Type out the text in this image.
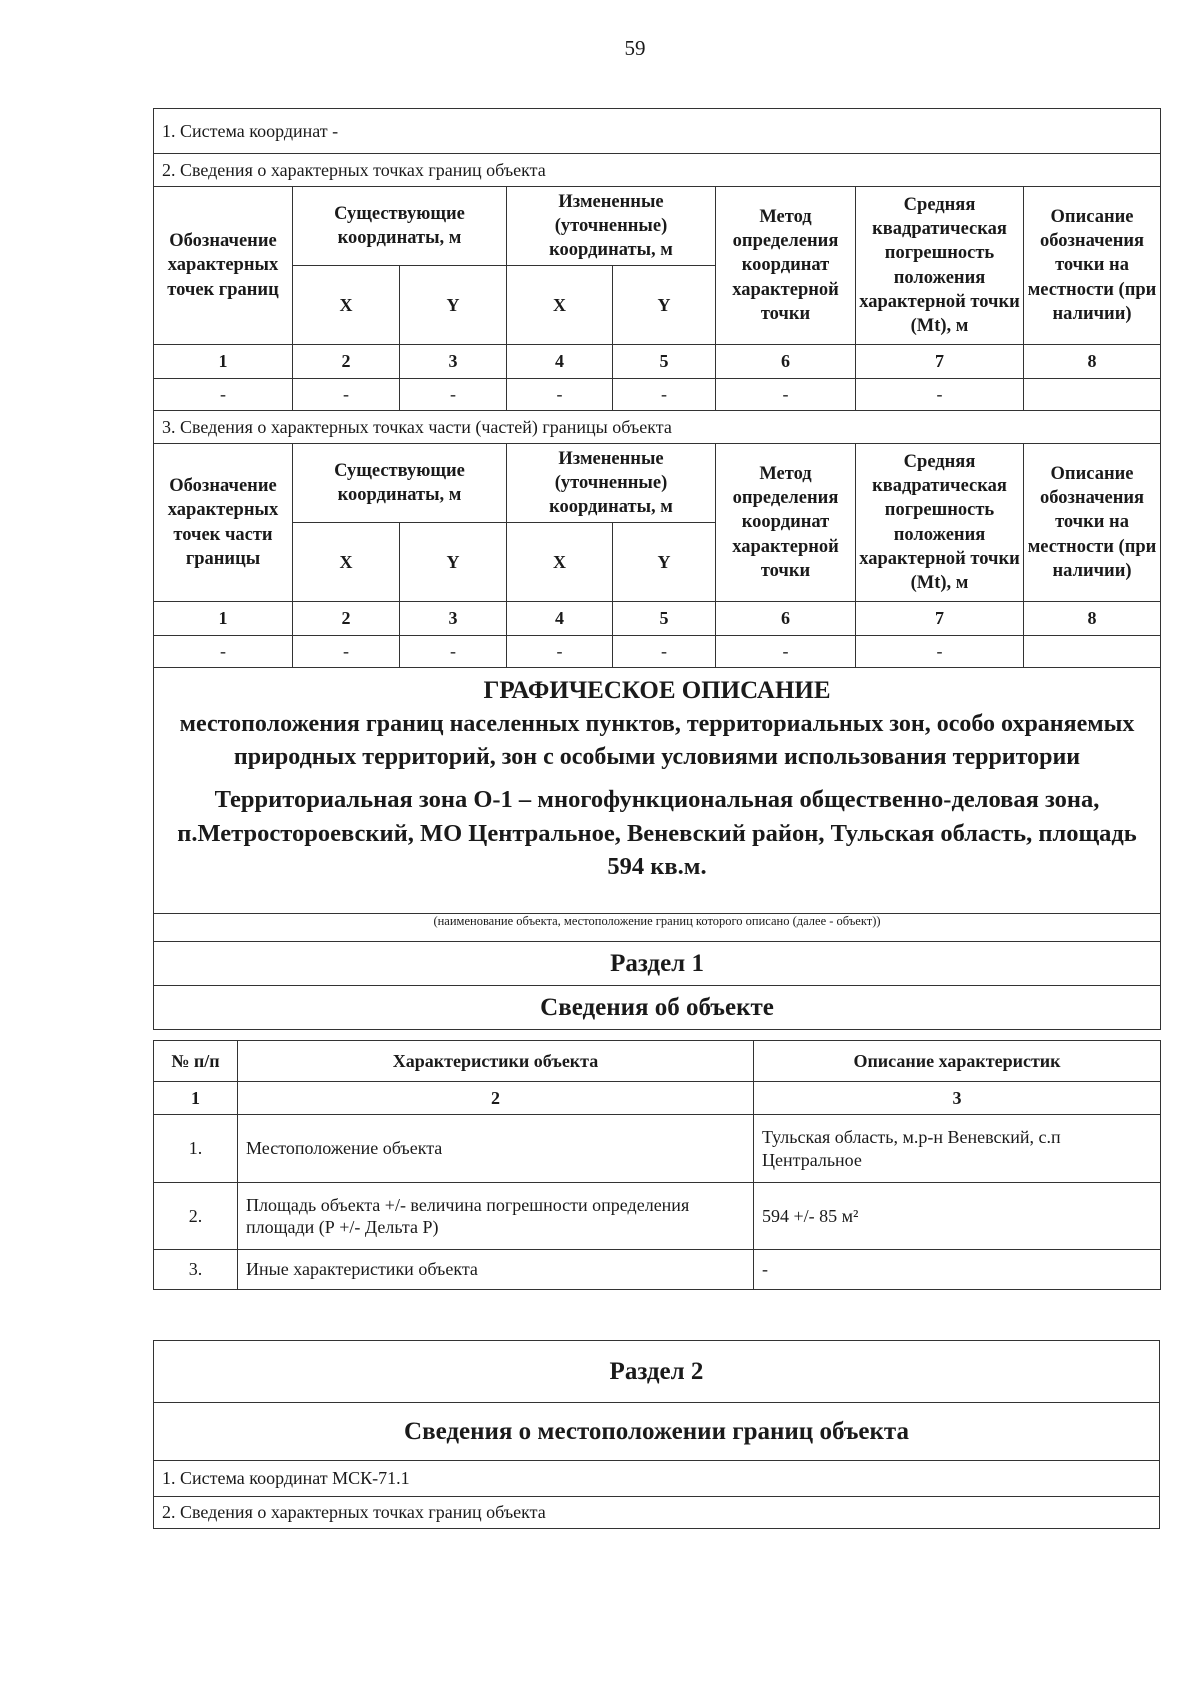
59
1. Система координат -							
2. Сведения о характерных точках границ объекта							
Обозначение характерных точек границ	Существующие координаты, м		Измененные (уточненные) координаты, м		Метод определения координат характерной точки	Средняя квадратическая погрешность положения характерной точки (Mt), м	Описание обозначения точки на местности (при наличии)
	X	Y	X	Y			
1	2	3	4	5	6	7	8
-	-	-	-	-	-	-	
3. Сведения о характерных точках части (частей) границы объекта							
Обозначение характерных точек части границы	Существующие координаты, м		Измененные (уточненные) координаты, м		Метод определения координат характерной точки	Средняя квадратическая погрешность положения характерной точки (Mt), м	Описание обозначения точки на местности (при наличии)
	X	Y	X	Y			
1	2	3	4	5	6	7	8
-	-	-	-	-	-	-	

ГРАФИЧЕСКОЕ ОПИСАНИЕ
местоположения границ населенных пунктов, территориальных зон, особо охраняемых природных территорий, зон с особыми условиями использования территории
Территориальная зона О-1 – многофункциональная общественно-деловая зона, п.Метростороевский, МО Центральное, Веневский район, Тульская область, площадь 594 кв.м.							

(наименование объекта, местоположение границ которого описано (далее - объект))							
Раздел 1							
Сведения об объекте							
№ п/п	Характеристики объекта	Описание характеристик
1	2	3
1.	Местоположение объекта	Тульская область, м.р-н Веневский, с.п Центральное
2.	Площадь объекта +/- величина погрешности определения площади (Р +/- Дельта Р)	594 +/- 85 м²
3.	Иные характеристики объекта	-
Раздел 2
Сведения о местоположении границ объекта
1. Система координат МСК-71.1
2. Сведения о характерных точках границ объекта
